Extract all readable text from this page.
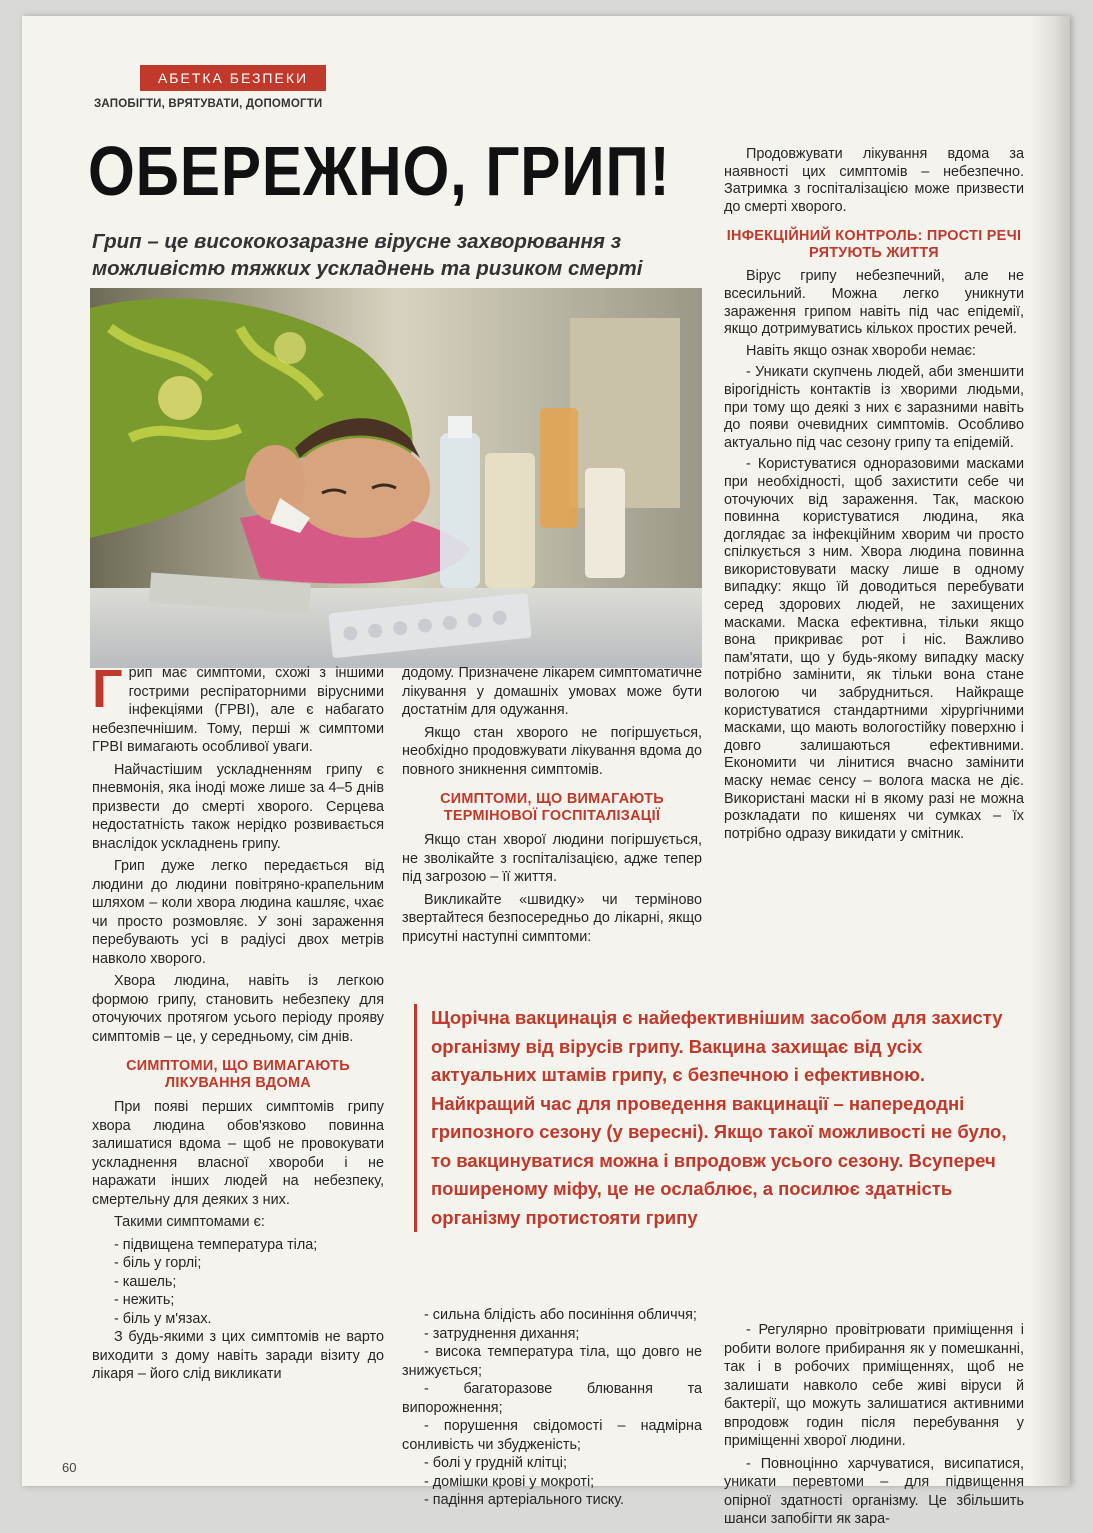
АБЕТКА БЕЗПЕКИ
ЗАПОБІГТИ, ВРЯТУВАТИ, ДОПОМОГТИ
ОБЕРЕЖНО, ГРИП!
Грип – це висококозаразне вірусне захворювання з можливістю тяжких ускладнень та ризиком смерті

Грип має симптоми, схожі з іншими гострими респіраторними вірусними інфекціями (ГРВІ), але є набагато небезпечнішим. Тому, перші ж симптоми ГРВІ вимагають особливої уваги.

Найчастішим ускладненням грипу є пневмонія, яка іноді може лише за 4–5 днів призвести до смерті хворого. Серцева недостатність також нерідко розвивається внаслідок ускладнень грипу.

Грип дуже легко передається від людини до людини повітряно-крапельним шляхом – коли хвора людина кашляє, чхає чи просто розмовляє. У зоні зараження перебувають усі в радіусі двох метрів навколо хворого.

Хвора людина, навіть із легкою формою грипу, становить небезпеку для оточуючих протягом усього періоду прояву симптомів – це, у середньому, сім днів.

СИМПТОМИ, ЩО ВИМАГАЮТЬ ЛІКУВАННЯ ВДОМА

При появі перших симптомів грипу хвора людина обов'язково повинна залишатися вдома – щоб не провокувати ускладнення власної хвороби і не наражати інших людей на небезпеку, смертельну для деяких з них.

Такими симптомами є:

- підвищена температура тіла;
- біль у горлі;
- кашель;
- нежить;
- біль у м'язах.

З будь-якими з цих симптомів не варто виходити з дому навіть заради візиту до лікаря – його слід викликати

додому. Призначене лікарем симптоматичне лікування у домашніх умовах може бути достатнім для одужання.

Якщо стан хворого не погіршується, необхідно продовжувати лікування вдома до повного зникнення симптомів.

СИМПТОМИ, ЩО ВИМАГАЮТЬ ТЕРМІНОВОЇ ГОСПІТАЛІЗАЦІЇ

Якщо стан хворої людини погіршується, не зволікайте з госпіталізацією, адже тепер під загрозою – її життя.

Викликайте «швидку» чи терміново звертайтеся безпосередньо до лікарні, якщо присутні наступні симптоми:

Щорічна вакцинація є найефективнішим засобом для захисту організму від вірусів грипу. Вакцина захищає від усіх актуальних штамів грипу, є безпечною і ефективною. Найкращий час для проведення вакцинації – напередодні грипозного сезону (у вересні). Якщо такої можливості не було, то вакцинуватися можна і впродовж усього сезону. Всупереч поширеному міфу, це не ослаблює, а посилює здатність організму протистояти грипу
- сильна блідість або посиніння обличчя;
- затруднення дихання;
- висока температура тіла, що довго не знижується;
- багаторазове блювання та випорожнення;
- порушення свідомості – надмірна сонливість чи збудженість;
- болі у грудній клітці;
- домішки крові у мокроті;
- падіння артеріального тиску.

Продовжувати лікування вдома за наявності цих симптомів – небезпечно. Затримка з госпіталізацією може призвести до смерті хворого.

ІНФЕКЦІЙНИЙ КОНТРОЛЬ: ПРОСТІ РЕЧІ РЯТУЮТЬ ЖИТТЯ

Вірус грипу небезпечний, але не всесильний. Можна легко уникнути зараження грипом навіть під час епідемії, якщо дотримуватись кількох простих речей.

Навіть якщо ознак хвороби немає:

- Уникати скупчень людей, аби зменшити вірогідність контактів із хворими людьми, при тому що деякі з них є заразними навіть до появи очевидних симптомів. Особливо актуально під час сезону грипу та епідемій.

- Користуватися одноразовими масками при необхідності, щоб захистити себе чи оточуючих від зараження. Так, маскою повинна користуватися людина, яка доглядає за інфекційним хворим чи просто спілкується з ним. Хвора людина повинна використовувати маску лише в одному випадку: якщо їй доводиться перебувати серед здорових людей, не захищених масками. Маска ефективна, тільки якщо вона прикриває рот і ніс. Важливо пам'ятати, що у будь-якому випадку маску потрібно замінити, як тільки вона стане вологою чи забрудниться. Найкраще користуватися стандартними хірургічними масками, що мають вологостійку поверхню і довго залишаються ефективними. Економити чи лінитися вчасно замінити маску немає сенсу – волога маска не діє. Використані маски ні в якому разі не можна розкладати по кишенях чи сумках – їх потрібно одразу викидати у смітник.

- Регулярно провітрювати приміщення і робити вологе прибирання як у помешканні, так і в робочих приміщеннях, щоб не залишати навколо себе живі віруси й бактерії, що можуть залишатися активними впродовж годин після перебування у приміщенні хворої людини.

- Повноцінно харчуватися, висипатися, уникати перевтоми – для підвищення опірної здатності організму. Це збільшить шанси запобігти як зара-

60
